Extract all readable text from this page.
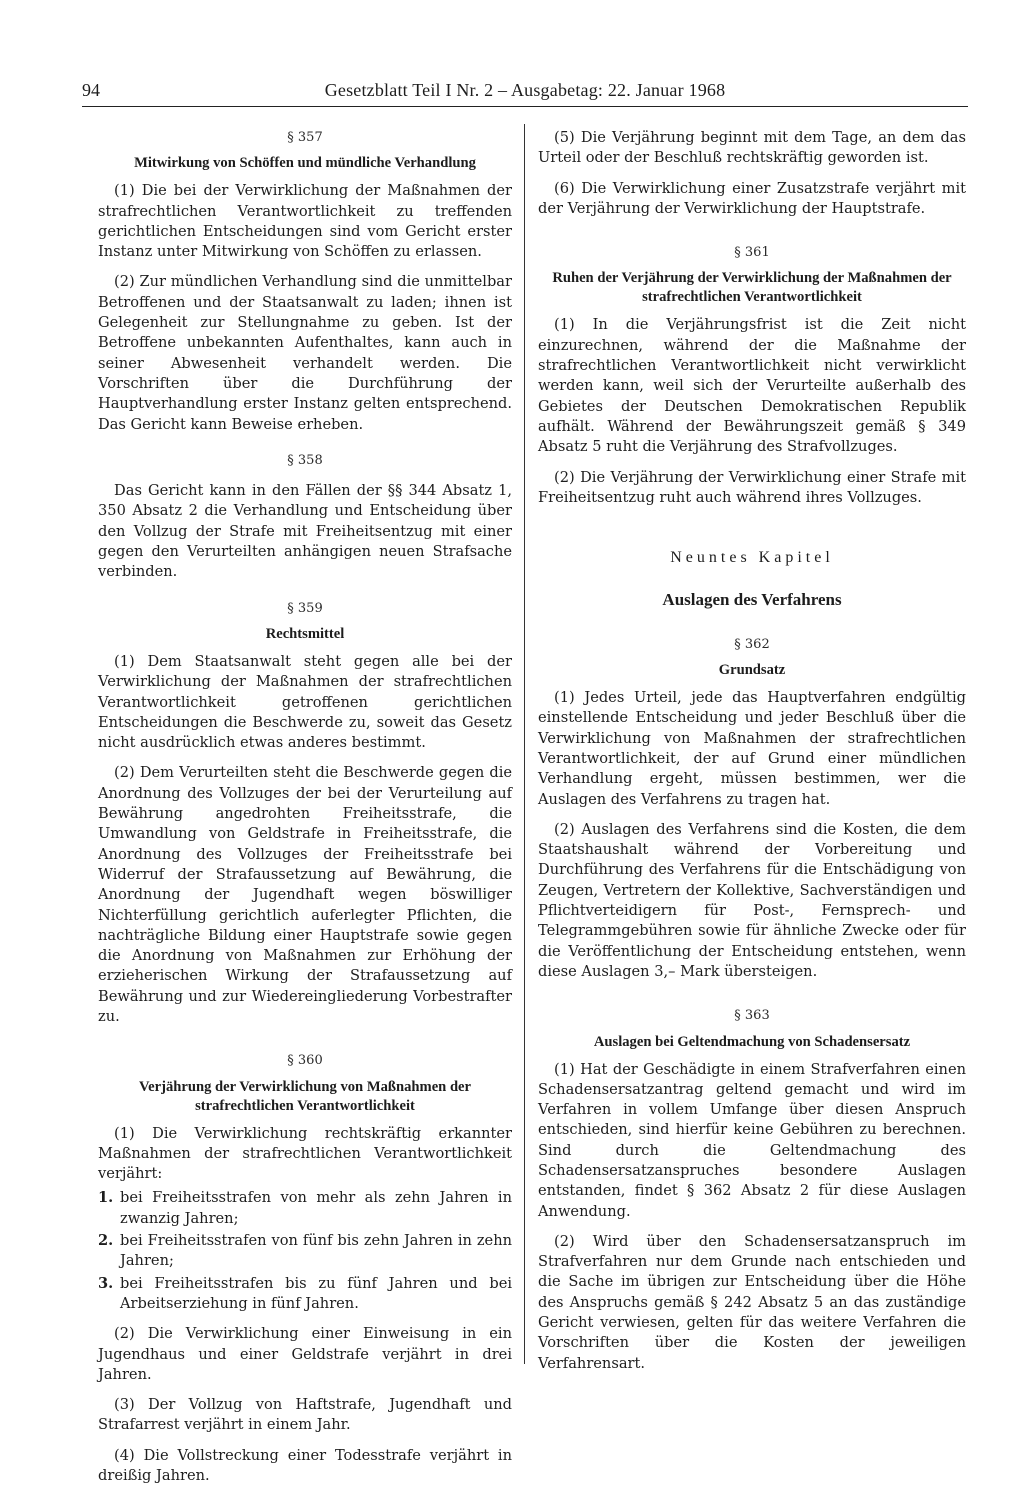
94	Gesetzblatt Teil I Nr. 2 – Ausgabetag: 22. Januar 1968

§ 357

Mitwirkung von Schöffen und mündliche Verhandlung

(1) Die bei der Verwirklichung der Maßnahmen der strafrechtlichen Verantwortlichkeit zu treffenden gerichtlichen Entscheidungen sind vom Gericht erster Instanz unter Mitwirkung von Schöffen zu erlassen.

(2) Zur mündlichen Verhandlung sind die unmittelbar Betroffenen und der Staatsanwalt zu laden; ihnen ist Gelegenheit zur Stellungnahme zu geben. Ist der Betroffene unbekannten Aufenthaltes, kann auch in seiner Abwesenheit verhandelt werden. Die Vorschriften über die Durchführung der Hauptverhandlung erster Instanz gelten entsprechend. Das Gericht kann Beweise erheben.

§ 358

Das Gericht kann in den Fällen der §§ 344 Absatz 1, 350 Absatz 2 die Verhandlung und Entscheidung über den Vollzug der Strafe mit Freiheitsentzug mit einer gegen den Verurteilten anhängigen neuen Strafsache verbinden.

§ 359

Rechtsmittel

(1) Dem Staatsanwalt steht gegen alle bei der Verwirklichung der Maßnahmen der strafrechtlichen Verantwortlichkeit getroffenen gerichtlichen Entscheidungen die Beschwerde zu, soweit das Gesetz nicht ausdrücklich etwas anderes bestimmt.

(2) Dem Verurteilten steht die Beschwerde gegen die Anordnung des Vollzuges der bei der Verurteilung auf Bewährung angedrohten Freiheitsstrafe, die Umwandlung von Geldstrafe in Freiheitsstrafe, die Anordnung des Vollzuges der Freiheitsstrafe bei Widerruf der Strafaussetzung auf Bewährung, die Anordnung der Jugendhaft wegen böswilliger Nichterfüllung gerichtlich auferlegter Pflichten, die nachträgliche Bildung einer Hauptstrafe sowie gegen die Anordnung von Maßnahmen zur Erhöhung der erzieherischen Wirkung der Strafaussetzung auf Bewährung und zur Wiedereingliederung Vorbestrafter zu.

§ 360

Verjährung der Verwirklichung von Maßnahmen der strafrechtlichen Verantwortlichkeit

(1) Die Verwirklichung rechtskräftig erkannter Maßnahmen der strafrechtlichen Verantwortlichkeit verjährt:

1. bei Freiheitsstrafen von mehr als zehn Jahren in zwanzig Jahren;
2. bei Freiheitsstrafen von fünf bis zehn Jahren in zehn Jahren;
3. bei Freiheitsstrafen bis zu fünf Jahren und bei Arbeitserziehung in fünf Jahren.

(2) Die Verwirklichung einer Einweisung in ein Jugendhaus und einer Geldstrafe verjährt in drei Jahren.

(3) Der Vollzug von Haftstrafe, Jugendhaft und Strafarrest verjährt in einem Jahr.

(4) Die Vollstreckung einer Todesstrafe verjährt in dreißig Jahren.

(5) Die Verjährung beginnt mit dem Tage, an dem das Urteil oder der Beschluß rechtskräftig geworden ist.

(6) Die Verwirklichung einer Zusatzstrafe verjährt mit der Verjährung der Verwirklichung der Hauptstrafe.

§ 361

Ruhen der Verjährung der Verwirklichung der Maßnahmen der strafrechtlichen Verantwortlichkeit

(1) In die Verjährungsfrist ist die Zeit nicht einzurechnen, während der die Maßnahme der strafrechtlichen Verantwortlichkeit nicht verwirklicht werden kann, weil sich der Verurteilte außerhalb des Gebietes der Deutschen Demokratischen Republik aufhält. Während der Bewährungszeit gemäß § 349 Absatz 5 ruht die Verjährung des Strafvollzuges.

(2) Die Verjährung der Verwirklichung einer Strafe mit Freiheitsentzug ruht auch während ihres Vollzuges.

Neuntes Kapitel

Auslagen des Verfahrens

§ 362

Grundsatz

(1) Jedes Urteil, jede das Hauptverfahren endgültig einstellende Entscheidung und jeder Beschluß über die Verwirklichung von Maßnahmen der strafrechtlichen Verantwortlichkeit, der auf Grund einer mündlichen Verhandlung ergeht, müssen bestimmen, wer die Auslagen des Verfahrens zu tragen hat.

(2) Auslagen des Verfahrens sind die Kosten, die dem Staatshaushalt während der Vorbereitung und Durchführung des Verfahrens für die Entschädigung von Zeugen, Vertretern der Kollektive, Sachverständigen und Pflichtverteidigern für Post-, Fernsprech- und Telegrammgebühren sowie für ähnliche Zwecke oder für die Veröffentlichung der Entscheidung entstehen, wenn diese Auslagen 3,– Mark übersteigen.

§ 363

Auslagen bei Geltendmachung von Schadensersatz

(1) Hat der Geschädigte in einem Strafverfahren einen Schadensersatzantrag geltend gemacht und wird im Verfahren in vollem Umfange über diesen Anspruch entschieden, sind hierfür keine Gebühren zu berechnen. Sind durch die Geltendmachung des Schadensersatzanspruches besondere Auslagen entstanden, findet § 362 Absatz 2 für diese Auslagen Anwendung.

(2) Wird über den Schadensersatzanspruch im Strafverfahren nur dem Grunde nach entschieden und die Sache im übrigen zur Entscheidung über die Höhe des Anspruchs gemäß § 242 Absatz 5 an das zuständige Gericht verwiesen, gelten für das weitere Verfahren die Vorschriften über die Kosten der jeweiligen Verfahrensart.
